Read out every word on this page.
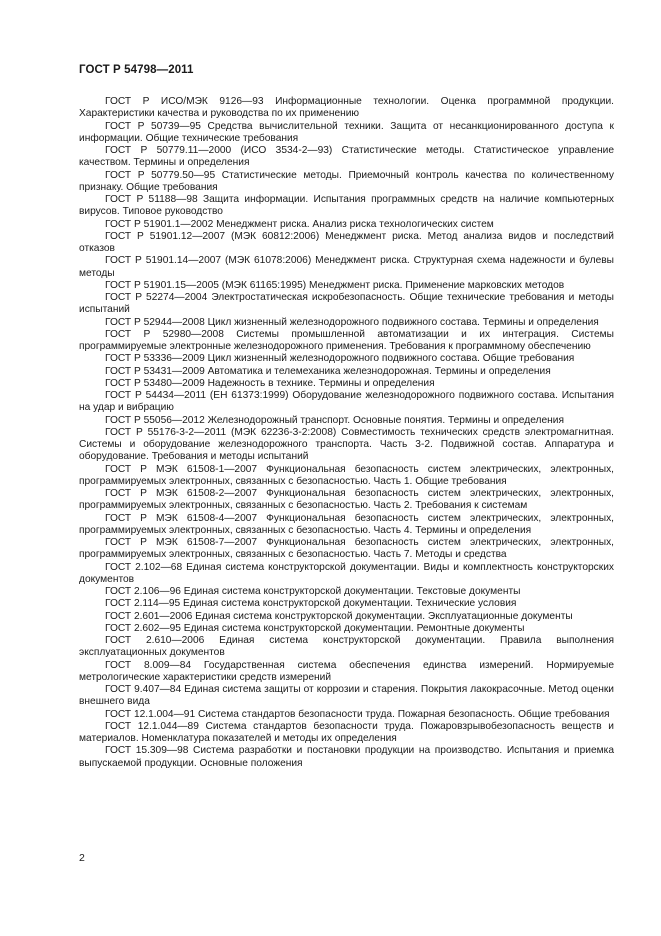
ГОСТ Р 54798—2011

ГОСТ Р ИСО/МЭК 9126—93 Информационные технологии. Оценка программной продукции. Характеристики качества и руководства по их применению

ГОСТ Р 50739—95 Средства вычислительной техники. Защита от несанкционированного доступа к информации. Общие технические требования

ГОСТ Р 50779.11—2000 (ИСО 3534-2—93) Статистические методы. Статистическое управление качеством. Термины и определения

ГОСТ Р 50779.50—95 Статистические методы. Приемочный контроль качества по количественному признаку. Общие требования

ГОСТ Р 51188—98 Защита информации. Испытания программных средств на наличие компьютерных вирусов. Типовое руководство

ГОСТ Р 51901.1—2002 Менеджмент риска. Анализ риска технологических систем

ГОСТ Р 51901.12—2007 (МЭК 60812:2006) Менеджмент риска. Метод анализа видов и последствий отказов

ГОСТ Р 51901.14—2007 (МЭК 61078:2006) Менеджмент риска. Структурная схема надежности и булевы методы

ГОСТ Р 51901.15—2005 (МЭК 61165:1995) Менеджмент риска. Применение марковских методов

ГОСТ Р 52274—2004 Электростатическая искробезопасность. Общие технические требования и методы испытаний

ГОСТ Р 52944—2008 Цикл жизненный железнодорожного подвижного состава. Термины и определения

ГОСТ Р 52980—2008 Системы промышленной автоматизации и их интеграция. Системы программируемые электронные железнодорожного применения. Требования к программному обеспечению

ГОСТ Р 53336—2009 Цикл жизненный железнодорожного подвижного состава. Общие требования

ГОСТ Р 53431—2009 Автоматика и телемеханика железнодорожная. Термины и определения

ГОСТ Р 53480—2009 Надежность в технике. Термины и определения

ГОСТ Р 54434—2011 (ЕН 61373:1999) Оборудование железнодорожного подвижного состава. Испытания на удар и вибрацию

ГОСТ Р 55056—2012 Железнодорожный транспорт. Основные понятия. Термины и определения

ГОСТ Р 55176-3-2—2011 (МЭК 62236-3-2:2008) Совместимость технических средств электромагнитная. Системы и оборудование железнодорожного транспорта. Часть 3-2. Подвижной состав. Аппаратура и оборудование. Требования и методы испытаний

ГОСТ Р МЭК 61508-1—2007 Функциональная безопасность систем электрических, электронных, программируемых электронных, связанных с безопасностью. Часть 1. Общие требования

ГОСТ Р МЭК 61508-2—2007 Функциональная безопасность систем электрических, электронных, программируемых электронных, связанных с безопасностью. Часть 2. Требования к системам

ГОСТ Р МЭК 61508-4—2007 Функциональная безопасность систем электрических, электронных, программируемых электронных, связанных с безопасностью. Часть 4. Термины и определения

ГОСТ Р МЭК 61508-7—2007 Функциональная безопасность систем электрических, электронных, программируемых электронных, связанных с безопасностью. Часть 7. Методы и средства

ГОСТ 2.102—68 Единая система конструкторской документации. Виды и комплектность конструкторских документов

ГОСТ 2.106—96 Единая система конструкторской документации. Текстовые документы

ГОСТ 2.114—95 Единая система конструкторской документации. Технические условия

ГОСТ 2.601—2006 Единая система конструкторской документации. Эксплуатационные документы

ГОСТ 2.602—95 Единая система конструкторской документации. Ремонтные документы

ГОСТ 2.610—2006 Единая система конструкторской документации. Правила выполнения эксплуатационных документов

ГОСТ 8.009—84 Государственная система обеспечения единства измерений. Нормируемые метрологические характеристики средств измерений

ГОСТ 9.407—84 Единая система защиты от коррозии и старения. Покрытия лакокрасочные. Метод оценки внешнего вида

ГОСТ 12.1.004—91 Система стандартов безопасности труда. Пожарная безопасность. Общие требования

ГОСТ 12.1.044—89 Система стандартов безопасности труда. Пожаровзрывобезопасность веществ и материалов. Номенклатура показателей и методы их определения

ГОСТ 15.309—98 Система разработки и постановки продукции на производство. Испытания и приемка выпускаемой продукции. Основные положения

2
